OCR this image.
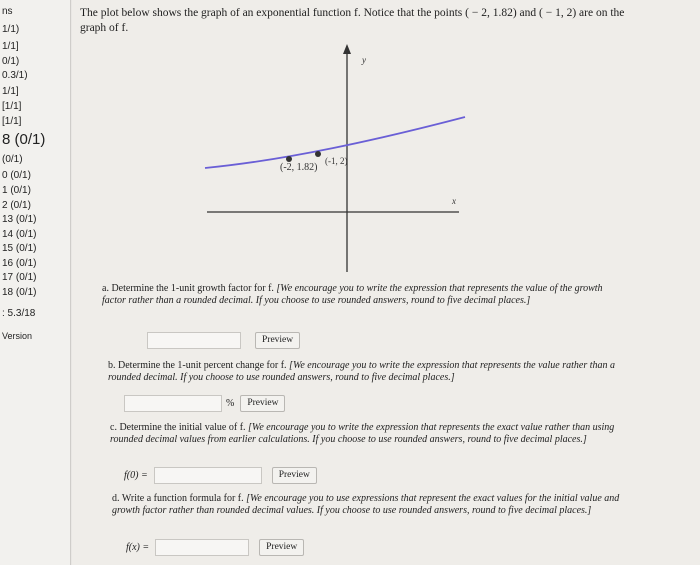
ns
1/1)
1/1]
0/1)
0.3/1)
1/1]
[1/1]
[1/1]
8 (0/1)
(0/1)
0 (0/1)
1 (0/1)
2 (0/1)
13 (0/1)
14 (0/1)
15 (0/1)
16 (0/1)
17 (0/1)
18 (0/1)
: 5.3/18
Version
The plot below shows the graph of an exponential function f. Notice that the points ( − 2, 1.82) and ( − 1, 2) are on the graph of f.
y
x
(-2, 1.82)
(-1, 2)
a. Determine the 1-unit growth factor for f. [We encourage you to write the expression that represents the value of the growth factor rather than a rounded decimal. If you choose to use rounded answers, round to five decimal places.]
Preview
b. Determine the 1-unit percent change for f. [We encourage you to write the expression that represents the value rather than a rounded decimal. If you choose to use rounded answers, round to five decimal places.]
%	Preview
c. Determine the initial value of f. [We encourage you to write the expression that represents the exact value rather than using rounded decimal values from earlier calculations. If you choose to use rounded answers, round to five decimal places.]
f(0) =	Preview
d. Write a function formula for f. [We encourage you to use expressions that represent the exact values for the initial value and growth factor rather than rounded decimal values. If you choose to use rounded answers, round to five decimal places.]
f(x) =	Preview
